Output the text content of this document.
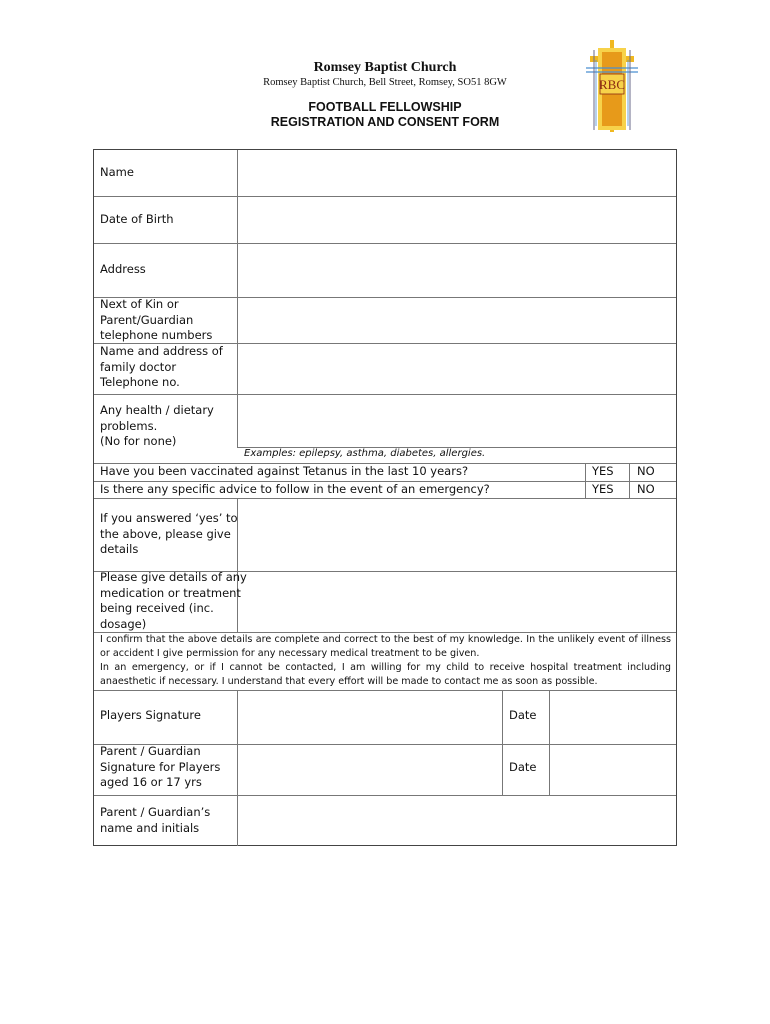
Romsey Baptist Church
Romsey Baptist Church, Bell Street, Romsey, SO51 8GW
FOOTBALL FELLOWSHIP
REGISTRATION AND CONSENT FORM
RBC
Name
Date of Birth
Address
Next of Kin or
Parent/Guardian
telephone numbers
Name and address of
family doctor
Telephone no.
Any health / dietary
problems.
(No for none)
Examples: epilepsy, asthma, diabetes, allergies.
Have you been vaccinated against Tetanus in the last 10 years?	YES NO
Is there any specific advice to follow in the event of an emergency?	YES NO
If you answered ‘yes’ to
the above, please give
details
Please give details of any
medication or treatment
being received (inc.
dosage)
I confirm that the above details are complete and correct to the best of my knowledge. In the unlikely event of illness or accident I give permission for any necessary medical treatment to be given.
In an emergency, or if I cannot be contacted, I am willing for my child to receive hospital treatment including anaesthetic if necessary. I understand that every effort will be made to contact me as soon as possible.
Players Signature	Date
Parent / Guardian
Signature for Players
aged 16 or 17 yrs
Date
Parent / Guardian’s
name and initials
